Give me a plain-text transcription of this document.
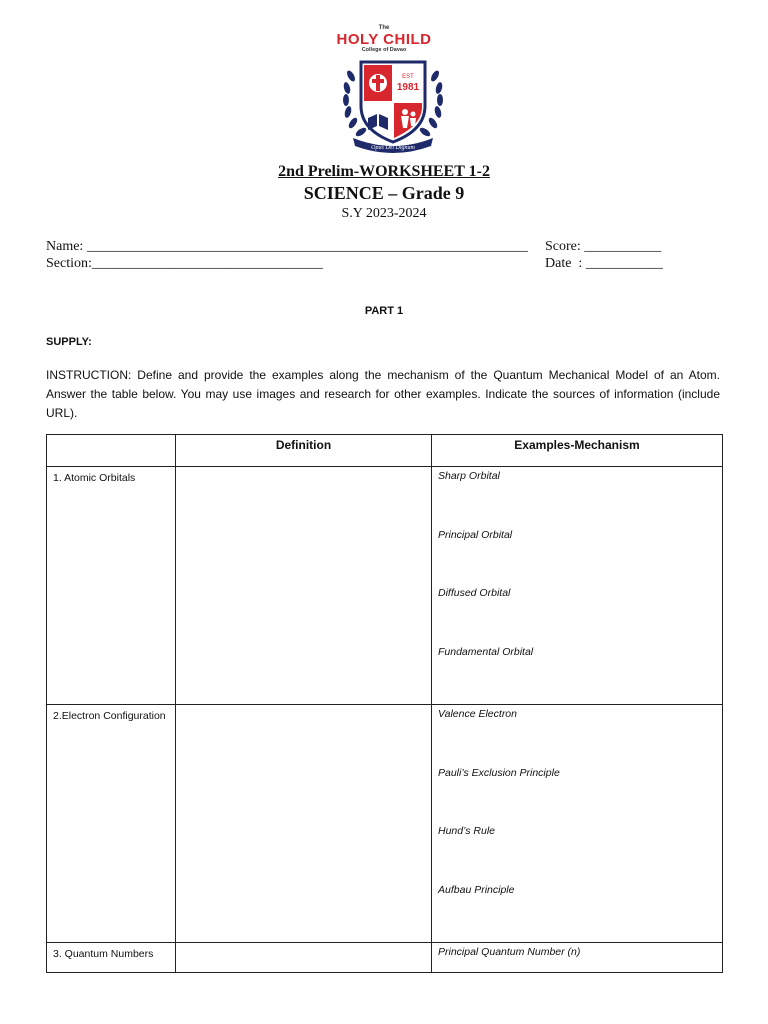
The
HOLY CHILD
College of Davao
EST
1981
Opus Dei Dignum
2nd Prelim-WORKSHEET 1-2
SCIENCE – Grade 9
S.Y 2023-2024
Name: _______________________________________________________________ Score: ___________
Section:_________________________________	Date  : ___________
PART 1
SUPPLY:
INSTRUCTION: Define and provide the examples along the mechanism of the Quantum Mechanical Model of an Atom. Answer the table below. You may use images and research for other examples. Indicate the sources of information (include URL).
	Definition	Examples-Mechanism
1. Atomic Orbitals		Sharp Orbital
Principal Orbital
Diffused Orbital
Fundamental Orbital

2.Electron Configuration		Valence Electron
Pauli’s Exclusion Principle
Hund’s Rule
Aufbau Principle

3. Quantum Numbers		Principal Quantum Number (n)
